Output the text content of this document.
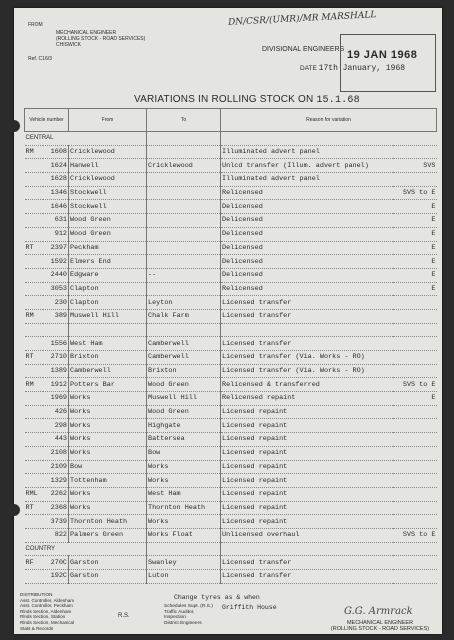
FROM
MECHANICAL ENGINEER
(ROLLING STOCK - ROAD SERVICES)
CHISWICK
Ref. C16/3
DN/CSR/(UMR)/MR MARSHALL
DIVISIONAL ENGINEERS
DATE 17th January, 1968
19 JAN 1968
VARIATIONS IN ROLLING STOCK ON 15.1.68
Vehicle number		From	To	Reason for variation	
CENTRAL					
RM	1608	Cricklewood		Illuminated advert panel	
	1624	Hanwell	Cricklewood	Unlcd transfer (Illum. advert panel)	SVS
	1628	Cricklewood		Illuminated advert panel	
	1346	Stockwell		Relicensed	SVS to E
	1646	Stockwell		Delicensed	E
	631	Wood Green		Delicensed	E
	912	Wood Green		Delicensed	E
RT	2397	Peckham		Delicensed	E
	1592	Elmers End		Delicensed	E
	2440	Edgware	--	Delicensed	E
	3053	Clapton		Relicensed	E
	230	Clapton	Leyton	Licensed transfer	
RM	389	Muswell Hill	Chalk Farm	Licensed transfer	

	1556	West Ham	Camberwell	Licensed transfer	
RT	2710	Brixton	Camberwell	Licensed transfer (Via. Works - RO)	
	1389	Camberwell	Brixton	Licensed transfer (Via. Works - RO)	
RM	1912	Potters Bar	Wood Green	Relicensed & transferred	SVS to E
	1969	Works	Muswell Hill	Relicensed repaint	E
	426	Works	Wood Green	Licensed repaint	
	298	Works	Highgate	Licensed repaint	
	443	Works	Battersea	Licensed repaint	
	2108	Works	Bow	Licensed repaint	
	2109	Bow	Works	Licensed repaint	
	1329	Tottenham	Works	Licensed repaint	
RML	2262	Works	West Ham	Licensed repaint	
RT	2368	Works	Thornton Heath	Licensed repaint	
	3739	Thornton Heath	Works	Licensed repaint	
	822	Palmers Green	Works Float	Unlicensed overhaul	SVS to E
COUNTRY					
RF	270C	Garston	Swanley	Licensed transfer	
	192C	Garston	Luton	Licensed transfer	
DISTRIBUTION
Asst. Controller, Aldenham
Asst. Controller, Peckham
Rlnds Section, Aldenham
Rlnds Section, Station
Rlnds Section, Mechanical
Stats & Records
Schedules Supt. (R.S.)
Traffic Auditor,
Inspection
District Engineers
R.S.
Change tyres as & when
Griffith House	G.G. Armrack
MECHANICAL ENGINEER
(ROLLING STOCK - ROAD SERVICES)
